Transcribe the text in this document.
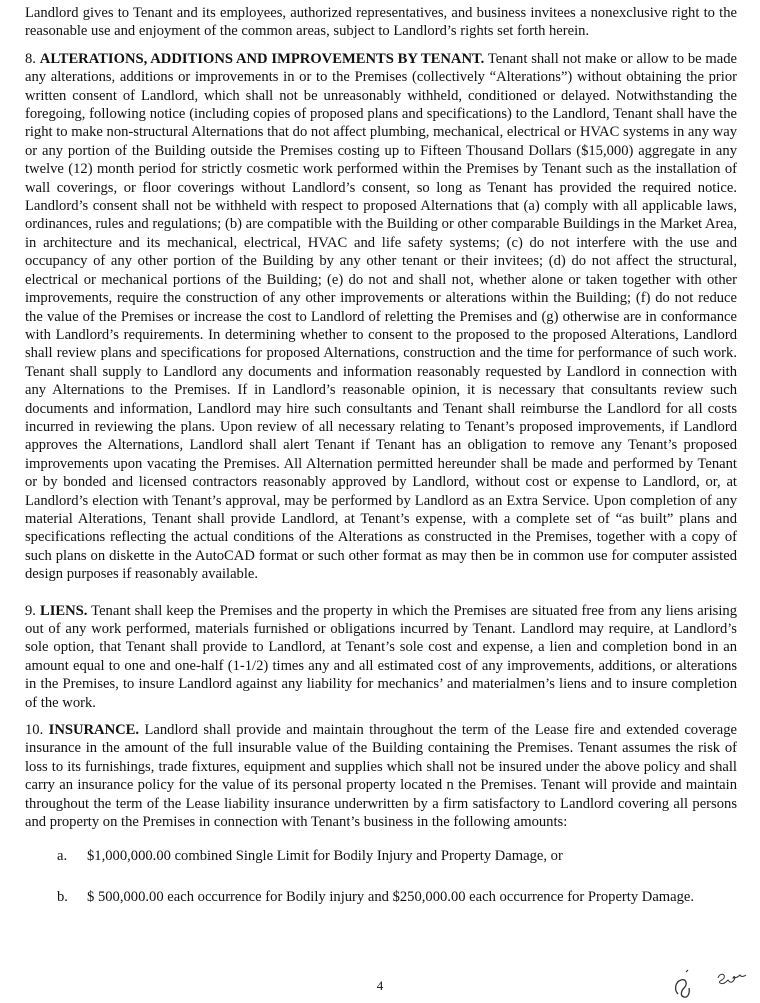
Landlord gives to Tenant and its employees, authorized representatives, and business invitees a nonexclusive right to the reasonable use and enjoyment of the common areas, subject to Landlord’s rights set forth herein.

8. ALTERATIONS, ADDITIONS AND IMPROVEMENTS BY TENANT. Tenant shall not make or allow to be made any alterations, additions or improvements in or to the Premises (collectively “Alterations”) without obtaining the prior written consent of Landlord, which shall not be unreasonably withheld, conditioned or delayed. Notwithstanding the foregoing, following notice (including copies of proposed plans and specifications) to the Landlord, Tenant shall have the right to make non-structural Alternations that do not affect plumbing, mechanical, electrical or HVAC systems in any way or any portion of the Building outside the Premises costing up to Fifteen Thousand Dollars ($15,000) aggregate in any twelve (12) month period for strictly cosmetic work performed within the Premises by Tenant such as the installation of wall coverings, or floor coverings without Landlord’s consent, so long as Tenant has provided the required notice. Landlord’s consent shall not be withheld with respect to proposed Alternations that (a) comply with all applicable laws, ordinances, rules and regulations; (b) are compatible with the Building or other comparable Buildings in the Market Area, in architecture and its mechanical, electrical, HVAC and life safety systems; (c) do not interfere with the use and occupancy of any other portion of the Building by any other tenant or their invitees; (d) do not affect the structural, electrical or mechanical portions of the Building; (e) do not and shall not, whether alone or taken together with other improvements, require the construction of any other improvements or alterations within the Building; (f) do not reduce the value of the Premises or increase the cost to Landlord of reletting the Premises and (g) otherwise are in conformance with Landlord’s requirements. In determining whether to consent to the proposed to the proposed Alterations, Landlord shall review plans and specifications for proposed Alternations, construction and the time for performance of such work. Tenant shall supply to Landlord any documents and information reasonably requested by Landlord in connection with any Alternations to the Premises. If in Landlord’s reasonable opinion, it is necessary that consultants review such documents and information, Landlord may hire such consultants and Tenant shall reimburse the Landlord for all costs incurred in reviewing the plans. Upon review of all necessary relating to Tenant’s proposed improvements, if Landlord approves the Alternations, Landlord shall alert Tenant if Tenant has an obligation to remove any Tenant’s proposed improvements upon vacating the Premises. All Alternation permitted hereunder shall be made and performed by Tenant or by bonded and licensed contractors reasonably approved by Landlord, without cost or expense to Landlord, or, at Landlord’s election with Tenant’s approval, may be performed by Landlord as an Extra Service. Upon completion of any material Alterations, Tenant shall provide Landlord, at Tenant’s expense, with a complete set of “as built” plans and specifications reflecting the actual conditions of the Alterations as constructed in the Premises, together with a copy of such plans on diskette in the AutoCAD format or such other format as may then be in common use for computer assisted design purposes if reasonably available.

9. LIENS. Tenant shall keep the Premises and the property in which the Premises are situated free from any liens arising out of any work performed, materials furnished or obligations incurred by Tenant. Landlord may require, at Landlord’s sole option, that Tenant shall provide to Landlord, at Tenant’s sole cost and expense, a lien and completion bond in an amount equal to one and one-half (1-1/2) times any and all estimated cost of any improvements, additions, or alterations in the Premises, to insure Landlord against any liability for mechanics’ and materialmen’s liens and to insure completion of the work.

10. INSURANCE. Landlord shall provide and maintain throughout the term of the Lease fire and extended coverage insurance in the amount of the full insurable value of the Building containing the Premises. Tenant assumes the risk of loss to its furnishings, trade fixtures, equipment and supplies which shall not be insured under the above policy and shall carry an insurance policy for the value of its personal property located n the Premises. Tenant will provide and maintain throughout the term of the Lease liability insurance underwritten by a firm satisfactory to Landlord covering all persons and property on the Premises in connection with Tenant’s business in the following amounts:

a. $1,000,000.00 combined Single Limit for Bodily Injury and Property Damage, or
b. $ 500,000.00 each occurrence for Bodily injury and $250,000.00 each occurrence for Property Damage.
4
